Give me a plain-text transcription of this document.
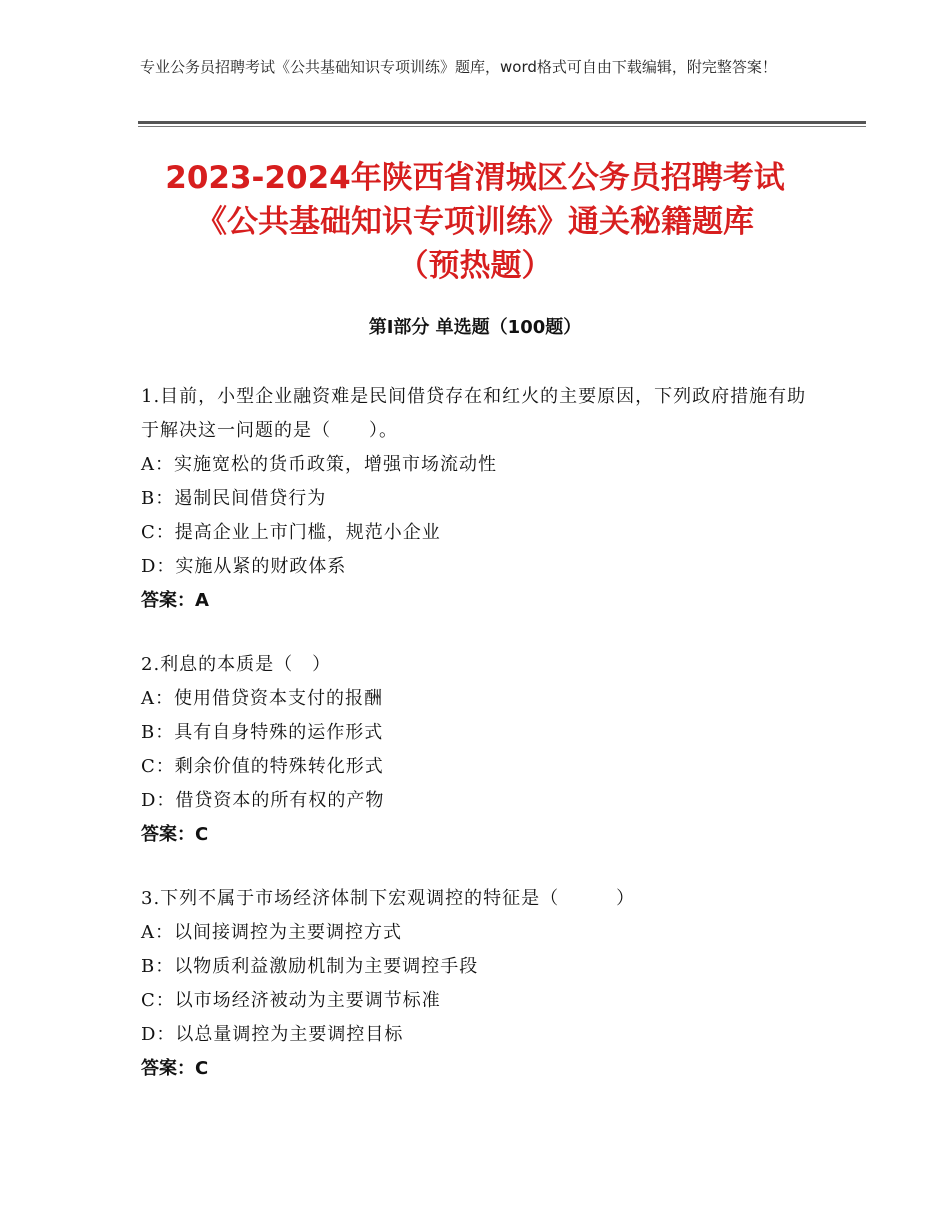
专业公务员招聘考试《公共基础知识专项训练》题库，word格式可自由下载编辑，附完整答案！
2023-2024年陕西省渭城区公务员招聘考试
《公共基础知识专项训练》通关秘籍题库
（预热题）
第Ⅰ部分 单选题（100题）
1.目前，小型企业融资难是民间借贷存在和红火的主要原因，下列政府措施有助于解决这一问题的是（　　）。
A：实施宽松的货币政策，增强市场流动性
B：遏制民间借贷行为
C：提高企业上市门槛，规范小企业
D：实施从紧的财政体系
答案：A
2.利息的本质是（　）
A：使用借贷资本支付的报酬
B：具有自身特殊的运作形式
C：剩余价值的特殊转化形式
D：借贷资本的所有权的产物
答案：C
3.下列不属于市场经济体制下宏观调控的特征是（　　　）
A：以间接调控为主要调控方式
B：以物质利益激励机制为主要调控手段
C：以市场经济被动为主要调节标准
D：以总量调控为主要调控目标
答案：C
